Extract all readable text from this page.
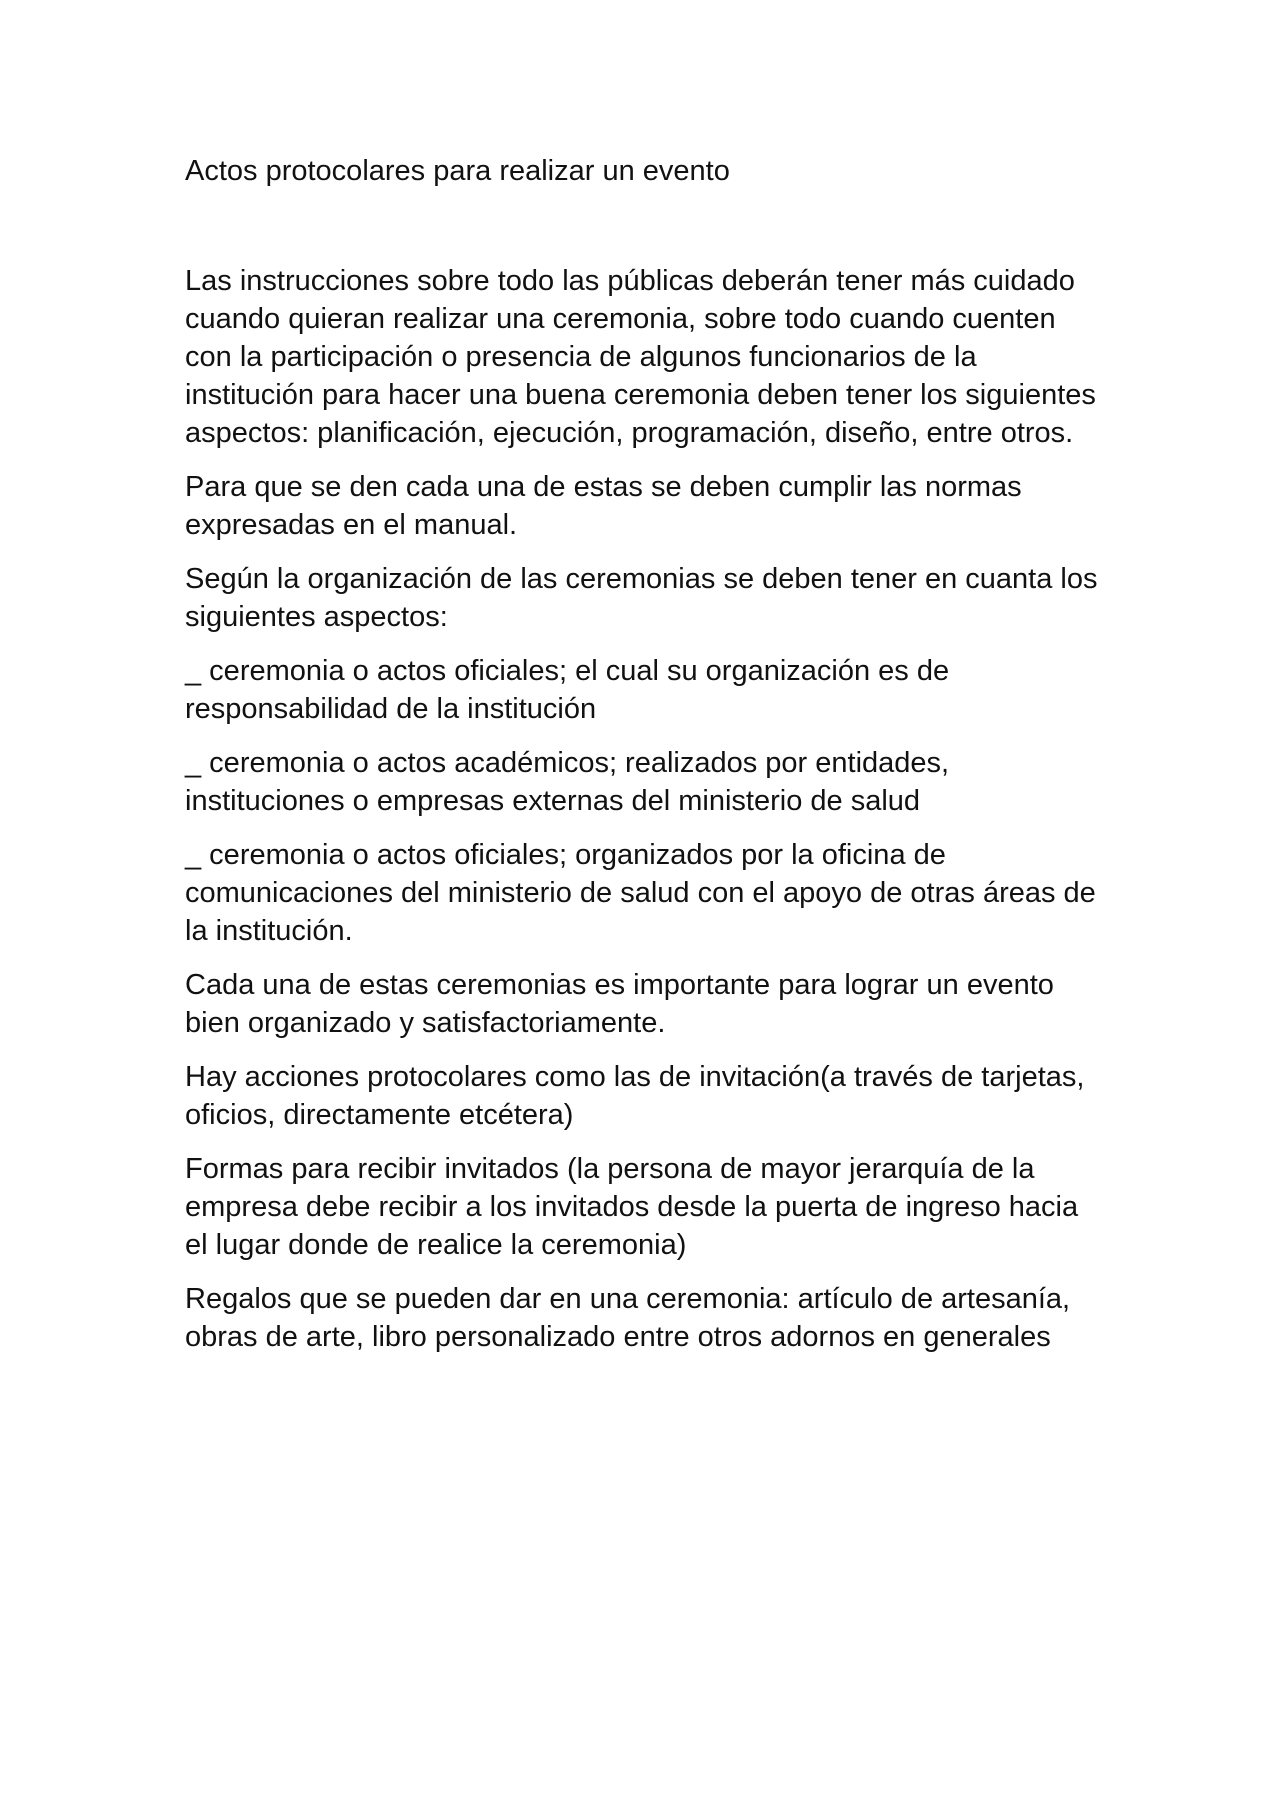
Actos protocolares para realizar un evento

Las instrucciones sobre todo las públicas deberán tener más cuidado cuando quieran realizar una ceremonia, sobre todo cuando cuenten con la participación o presencia de algunos funcionarios de la institución para hacer una buena ceremonia deben tener los siguientes aspectos: planificación, ejecución, programación, diseño, entre otros.

Para que se den cada una de estas se deben cumplir las normas expresadas en el manual.

Según la organización de las ceremonias se deben tener en cuanta los siguientes aspectos:

_ ceremonia o actos oficiales; el cual su organización es de responsabilidad de la institución

_ ceremonia o actos académicos; realizados por entidades, instituciones o empresas externas del ministerio de salud

_ ceremonia o actos oficiales; organizados por la oficina de comunicaciones del ministerio de salud con el apoyo de otras áreas de la institución.

Cada una de estas ceremonias es importante para lograr un evento bien organizado y satisfactoriamente.

Hay acciones protocolares como las de invitación(a través de tarjetas, oficios, directamente etcétera)

Formas para recibir invitados (la persona de mayor jerarquía de la empresa debe recibir a los invitados desde la puerta de ingreso hacia el lugar donde de realice la ceremonia)

Regalos que se pueden dar en una ceremonia: artículo de artesanía, obras de arte, libro personalizado entre otros adornos en generales
